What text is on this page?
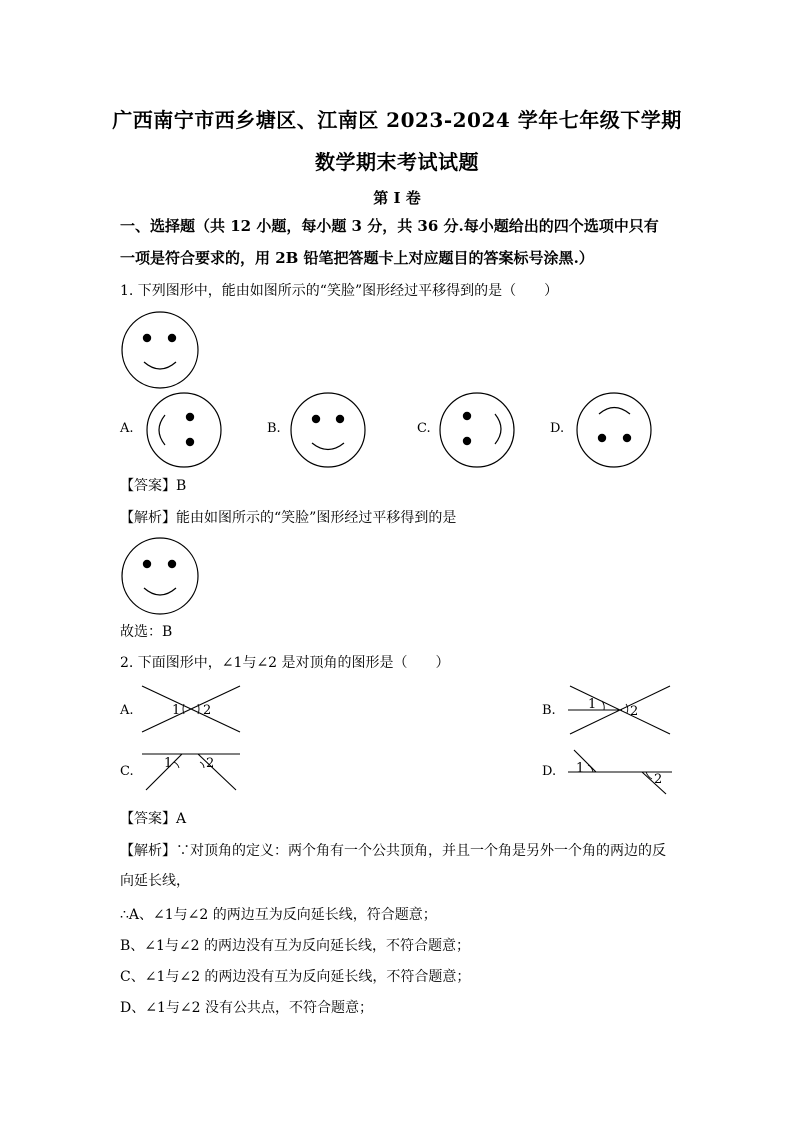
广西南宁市西乡塘区、江南区 2023-2024 学年七年级下学期
数学期末考试试题
第 I 卷
一、选择题（共 12 小题，每小题 3 分，共 36 分.每小题给出的四个选项中只有
一项是符合要求的，用 2B 铅笔把答题卡上对应题目的答案标号涂黑.）
1. 下列图形中，能由如图所示的“笑脸”图形经过平移得到的是（　　）
A.	B.	C.	D.
【答案】B
【解析】能由如图所示的“笑脸”图形经过平移得到的是
故选：B
2. 下面图形中，∠1与∠2 是对顶角的图形是（　　）
A.	B.
C.	D.
1 2	1	2
1	2	1
2
【答案】A
【解析】∵对顶角的定义：两个角有一个公共顶角，并且一个角是另外一个角的两边的反
向延长线，
∴A、∠1与∠2 的两边互为反向延长线，符合题意；
B、∠1与∠2 的两边没有互为反向延长线，不符合题意；
C、∠1与∠2 的两边没有互为反向延长线，不符合题意；
D、∠1与∠2 没有公共点，不符合题意；
